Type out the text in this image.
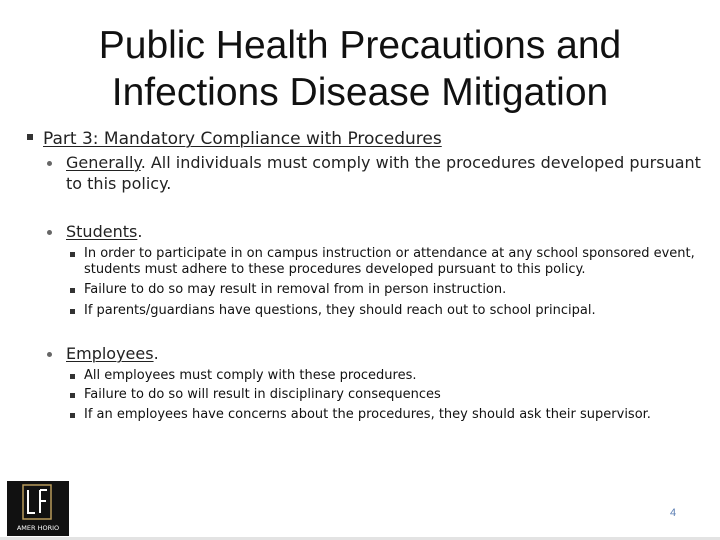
Public Health Precautions and
Infections Disease Mitigation
Part 3: Mandatory Compliance with Procedures
Generally. All individuals must comply with the procedures developed pursuant to this policy.
Students.
In order to participate in on campus instruction or attendance at any school sponsored event, students must adhere to these procedures developed pursuant to this policy.
Failure to do so may result in removal from in person instruction.
If parents/guardians have questions, they should reach out to school principal.
Employees.
All employees must comply with these procedures.
Failure to do so will result in disciplinary consequences
If an employees have concerns about the procedures, they should ask their supervisor.
AMER HORIO
4
